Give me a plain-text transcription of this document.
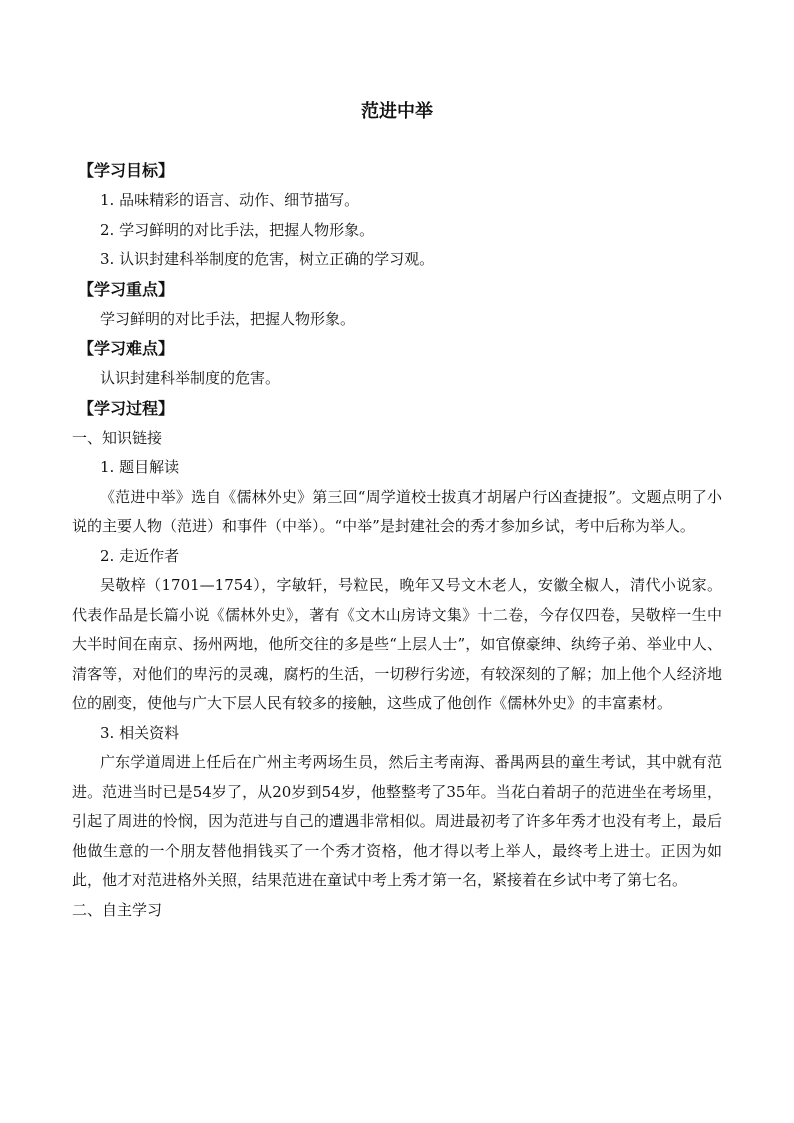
范进中举
【学习目标】
1. 品味精彩的语言、动作、细节描写。
2. 学习鲜明的对比手法，把握人物形象。
3. 认识封建科举制度的危害，树立正确的学习观。
【学习重点】
学习鲜明的对比手法，把握人物形象。
【学习难点】
认识封建科举制度的危害。
【学习过程】
一、知识链接
1. 题目解读
《范进中举》选自《儒林外史》第三回“周学道校士拔真才胡屠户行凶查捷报”。文题点明了小说的主要人物（范进）和事件（中举）。“中举”是封建社会的秀才参加乡试，考中后称为举人。
2. 走近作者
吴敬梓（1701—1754），字敏轩，号粒民，晚年又号文木老人，安徽全椒人，清代小说家。代表作品是长篇小说《儒林外史》，著有《文木山房诗文集》十二卷，今存仅四卷，吴敬梓一生中大半时间在南京、扬州两地，他所交往的多是些“上层人士”，如官僚豪绅、纨绔子弟、举业中人、清客等，对他们的卑污的灵魂，腐朽的生活，一切秽行劣迹，有较深刻的了解；加上他个人经济地位的剧变，使他与广大下层人民有较多的接触，这些成了他创作《儒林外史》的丰富素材。
3. 相关资料
广东学道周进上任后在广州主考两场生员，然后主考南海、番禺两县的童生考试，其中就有范进。范进当时已是54岁了，从20岁到54岁，他整整考了35年。当花白着胡子的范进坐在考场里，引起了周进的怜悯，因为范进与自己的遭遇非常相似。周进最初考了许多年秀才也没有考上，最后他做生意的一个朋友替他捐钱买了一个秀才资格，他才得以考上举人，最终考上进士。正因为如此，他才对范进格外关照，结果范进在童试中考上秀才第一名，紧接着在乡试中考了第七名。
二、自主学习
